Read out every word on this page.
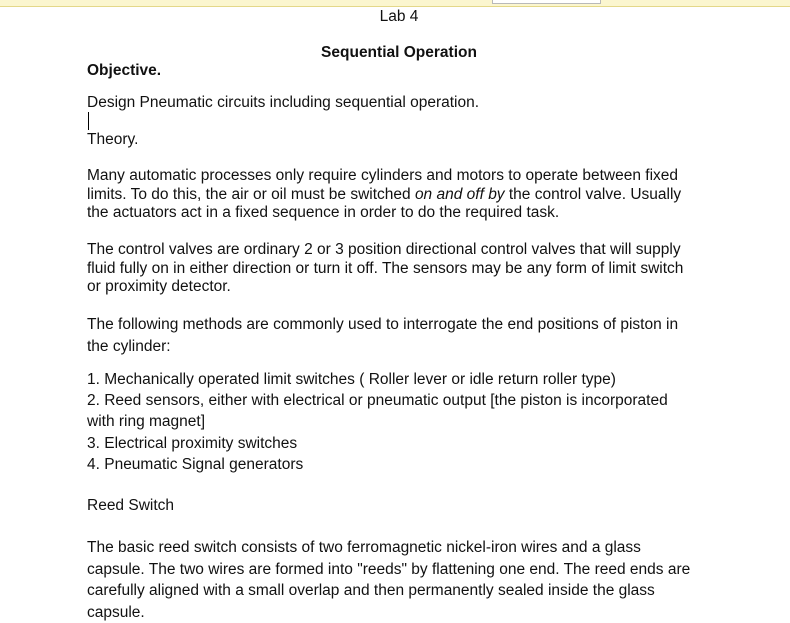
Lab 4

Sequential Operation

Objective.

Design Pneumatic circuits including sequential operation.

Theory.

Many automatic processes only require cylinders and motors to operate between fixed
limits. To do this, the air or oil must be switched on and off by the control valve. Usually
the actuators act in a fixed sequence in order to do the required task.

The control valves are ordinary 2 or 3 position directional control valves that will supply
fluid fully on in either direction or turn it off. The sensors may be any form of limit switch
or proximity detector.

The following methods are commonly used to interrogate the end positions of piston in
the cylinder:

1. Mechanically operated limit switches ( Roller lever or idle return roller type)
2. Reed sensors, either with electrical or pneumatic output [the piston is incorporated
with ring magnet]
3. Electrical proximity switches
4. Pneumatic Signal generators

Reed Switch

The basic reed switch consists of two ferromagnetic nickel-iron wires and a glass
capsule. The two wires are formed into "reeds" by flattening one end. The reed ends are
carefully aligned with a small overlap and then permanently sealed inside the glass
capsule.
